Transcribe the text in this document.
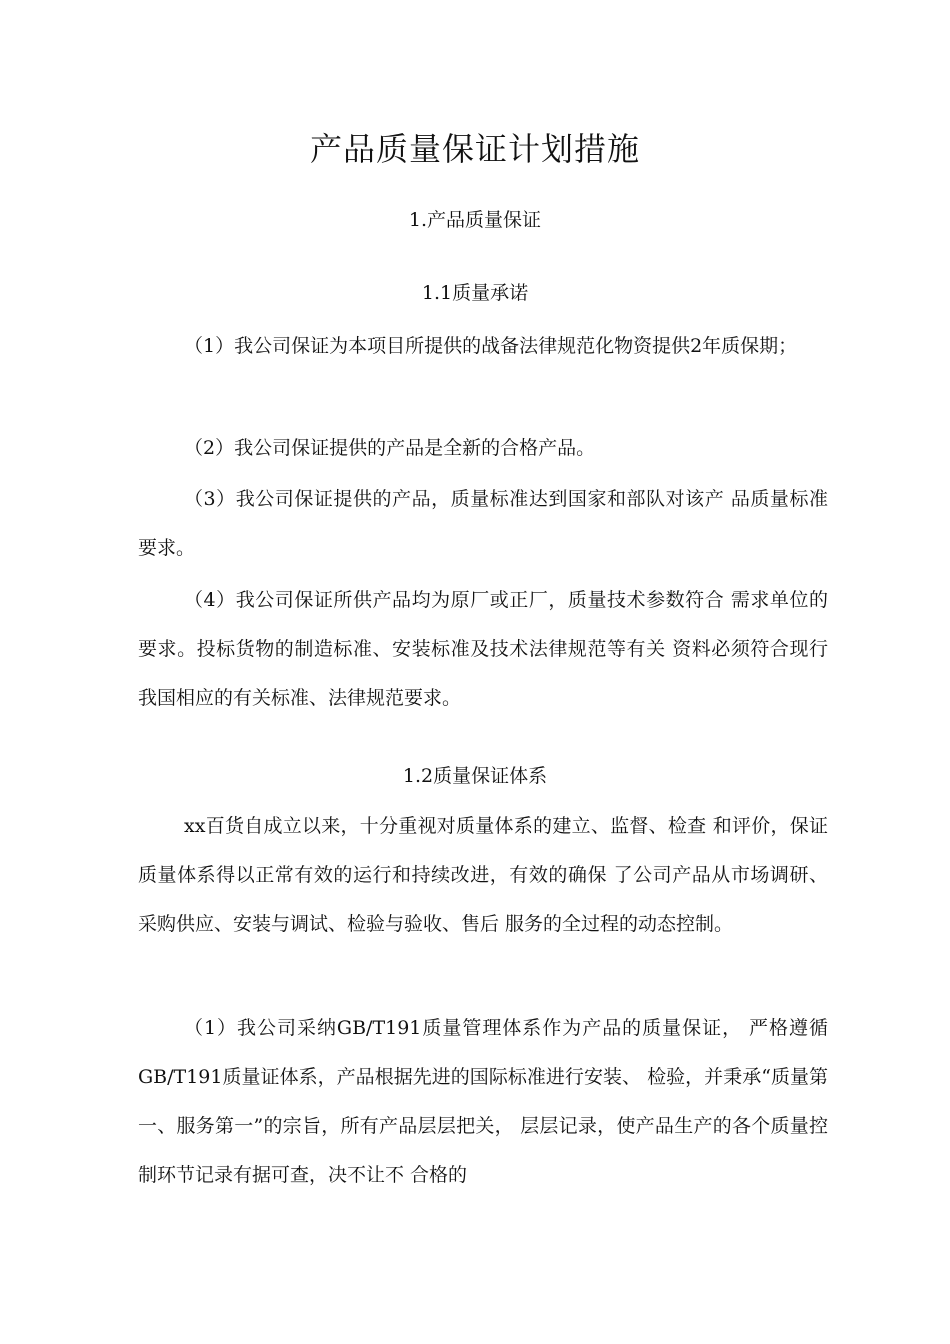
产品质量保证计划措施
1.产品质量保证
1.1质量承诺

（1）我公司保证为本项目所提供的战备法律规范化物资提供2年质保期；

（2）我公司保证提供的产品是全新的合格产品。

（3）我公司保证提供的产品，质量标准达到国家和部队对该产 品质量标准要求。

（4）我公司保证所供产品均为原厂或正厂，质量技术参数符合 需求单位的要求。投标货物的制造标准、安装标准及技术法律规范等有关 资料必须符合现行我国相应的有关标准、法律规范要求。

1.2质量保证体系

xx百货自成立以来，十分重视对质量体系的建立、监督、检查 和评价，保证质量体系得以正常有效的运行和持续改进，有效的确保 了公司产品从市场调研、采购供应、安装与调试、检验与验收、售后 服务的全过程的动态控制。

（1）我公司采纳GB/T191质量管理体系作为产品的质量保证， 严格遵循GB/T191质量证体系，产品根据先进的国际标准进行安装、 检验，并秉承“质量第一、服务第一”的宗旨，所有产品层层把关， 层层记录，使产品生产的各个质量控制环节记录有据可查，决不让不 合格的
